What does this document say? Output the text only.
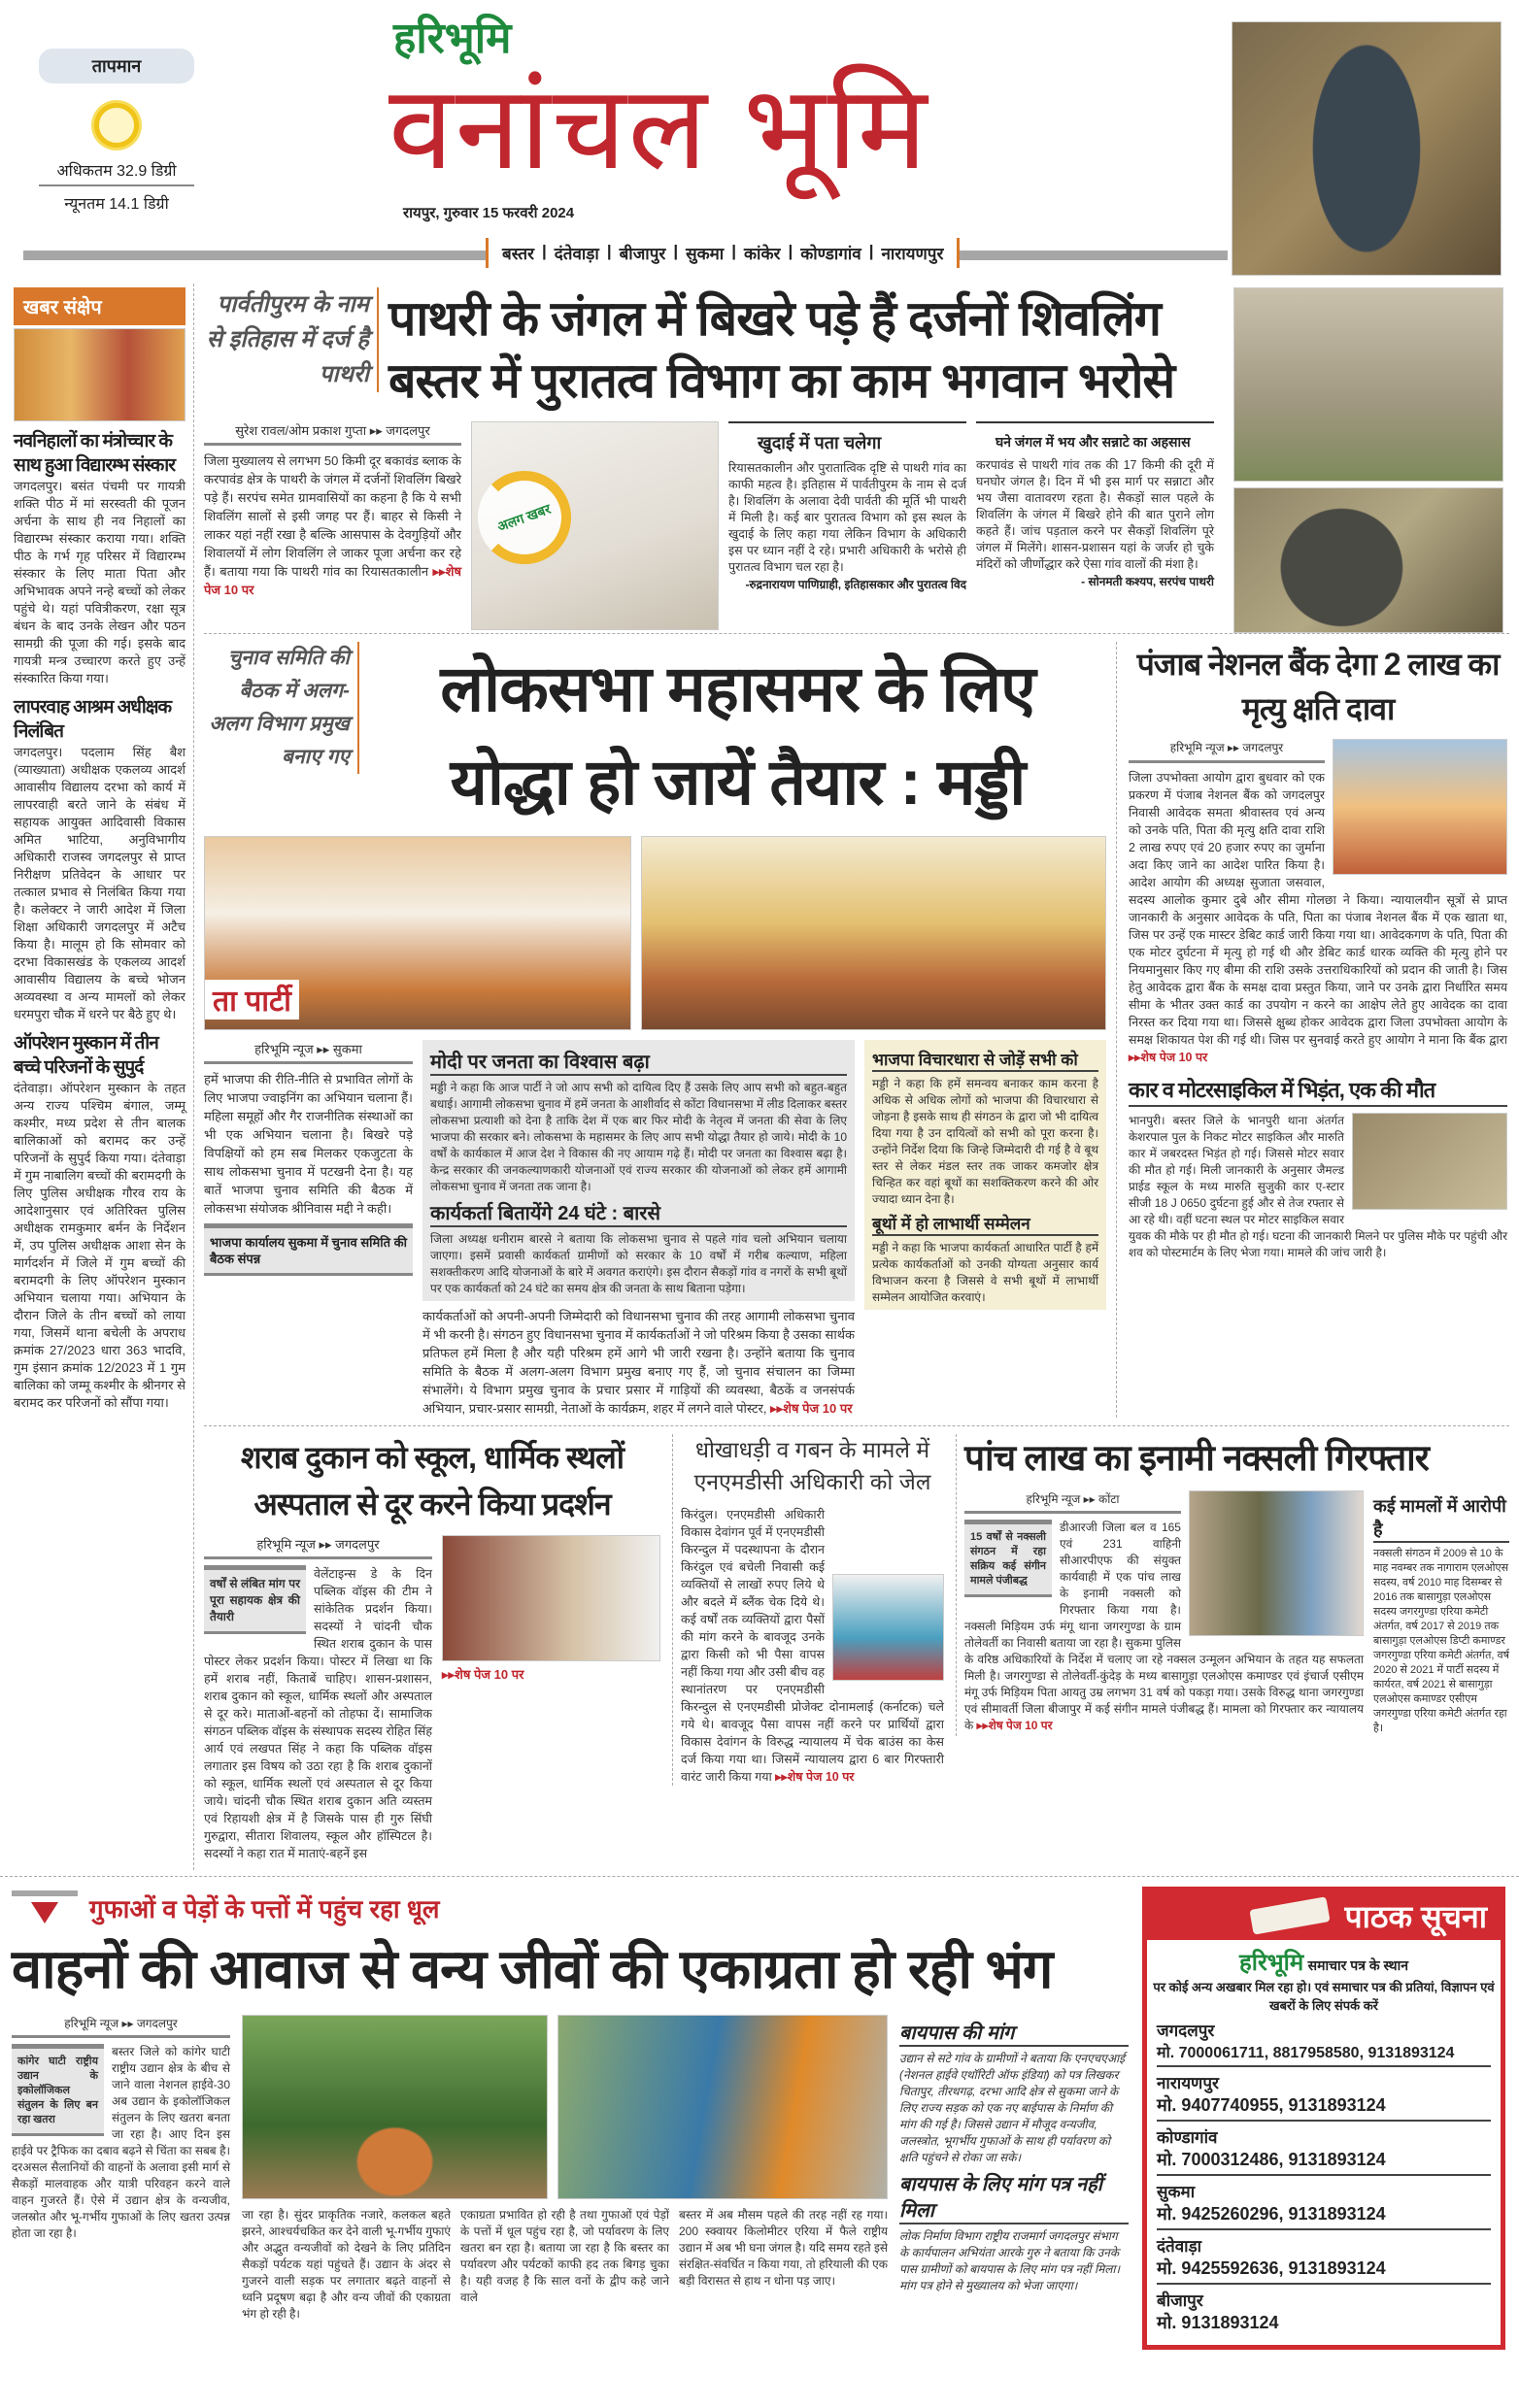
तापमान
अधिकतम 32.9 डिग्री
न्यूनतम 14.1 डिग्री
हरिभूमि
वनांचल भूमि
रायपुर, गुरुवार 15 फरवरी 2024
बस्तर | दंतेवाड़ा | बीजापुर | सुकमा | कांकेर | कोण्डागांव | नारायणपुर
खबर संक्षेप
नवनिहालों का मंत्रोच्चार के साथ हुआ विद्यारम्भ संस्कार
जगदलपुर। बसंत पंचमी पर गायत्री शक्ति पीठ में मां सरस्वती की पूजन अर्चना के साथ ही नव निहालों का विद्यारम्भ संस्कार कराया गया। शक्ति पीठ के गर्भ गृह परिसर में विद्यारम्भ संस्कार के लिए माता पिता और अभिभावक अपने नन्हे बच्चों को लेकर पहुंचे थे। यहां पवित्रीकरण, रक्षा सूत्र बंधन के बाद उनके लेखन और पठन सामग्री की पूजा की गई। इसके बाद गायत्री मन्त्र उच्चारण करते हुए उन्हें संस्कारित किया गया।
लापरवाह आश्रम अधीक्षक निलंबित
जगदलपुर। पदलाम सिंह बैश (व्याख्याता) अधीक्षक एकलव्य आदर्श आवासीय विद्यालय दरभा को कार्य में लापरवाही बरते जाने के संबंध में सहायक आयुक्त आदिवासी विकास अमित भाटिया, अनुविभागीय अधिकारी राजस्व जगदलपुर से प्राप्त निरीक्षण प्रतिवेदन के आधार पर तत्काल प्रभाव से निलंबित किया गया है। कलेक्टर ने जारी आदेश में जिला शिक्षा अधिकारी जगदलपुर में अटैच किया है। मालूम हो कि सोमवार को दरभा विकासखंड के एकलव्य आदर्श आवासीय विद्यालय के बच्चे भोजन अव्यवस्था व अन्य मामलों को लेकर धरमपुरा चौक में धरने पर बैठे हुए थे।
ऑपरेशन मुस्कान में तीन बच्चे परिजनों के सुपुर्द
दंतेवाड़ा। ऑपरेशन मुस्कान के तहत अन्य राज्य पश्चिम बंगाल, जम्मू कश्मीर, मध्य प्रदेश से तीन बालक बालिकाओं को बरामद कर उन्हें परिजनों के सुपुर्द किया गया। दंतेवाड़ा में गुम नाबालिग बच्चों की बरामदगी के लिए पुलिस अधीक्षक गौरव राय के आदेशानुसार एवं अतिरिक्त पुलिस अधीक्षक रामकुमार बर्मन के निर्देशन में, उप पुलिस अधीक्षक आशा सेन के मार्गदर्शन में जिले में गुम बच्चों की बरामदगी के लिए ऑपरेशन मुस्कान अभियान चलाया गया। अभियान के दौरान जिले के तीन बच्चों को लाया गया, जिसमें थाना बचेली के अपराध क्रमांक 27/2023 धारा 363 भादवि, गुम इंसान क्रमांक 12/2023 में 1 गुम बालिका को जम्मू कश्मीर के श्रीनगर से बरामद कर परिजनों को सौंपा गया।
पार्वतीपुरम के नाम से इतिहास में दर्ज है पाथरी
पाथरी के जंगल में बिखरे पड़े हैं दर्जनों शिवलिंग
बस्तर में पुरातत्व विभाग का काम भगवान भरोसे
सुरेश रावल/ओम प्रकाश गुप्ता ▸▸ जगदलपुर
जिला मुख्यालय से लगभग 50 किमी दूर बकावंड ब्लाक के करपावंड क्षेत्र के पाथरी के जंगल में दर्जनों शिवलिंग बिखरे पड़े हैं। सरपंच समेत ग्रामवासियों का कहना है कि ये सभी शिवलिंग सालों से इसी जगह पर हैं। बाहर से किसी ने लाकर यहां नहीं रखा है बल्कि आसपास के देवगुड़ियों और शिवालयों में लोग शिवलिंग ले जाकर पूजा अर्चना कर रहे हैं। बताया गया कि पाथरी गांव का रियासतकालीन ▸▸शेष पेज 10 पर
अलग खबर
खुदाई में पता चलेगा
रियासतकालीन और पुरातात्विक दृष्टि से पाथरी गांव का काफी महत्व है। इतिहास में पार्वतीपुरम के नाम से दर्ज है। शिवलिंग के अलावा देवी पार्वती की मूर्ति भी पाथरी में मिली है। कई बार पुरातत्व विभाग को इस स्थल के खुदाई के लिए कहा गया लेकिन विभाग के अधिकारी इस पर ध्यान नहीं दे रहे। प्रभारी अधिकारी के भरोसे ही पुरातत्व विभाग चल रहा है।
-रुद्रनारायण पाणिग्राही, इतिहासकार और पुरातत्व विद
घने जंगल में भय और सन्नाटे का अहसास
करपावंड से पाथरी गांव तक की 17 किमी की दूरी में घनघोर जंगल है। दिन में भी इस मार्ग पर सन्नाटा और भय जैसा वातावरण रहता है। सैकड़ों साल पहले के शिवलिंग के जंगल में बिखरे होने की बात पुराने लोग कहते हैं। जांच पड़ताल करने पर सैकड़ों शिवलिंग पूरे जंगल में मिलेंगे। शासन-प्रशासन यहां के जर्जर हो चुके मंदिरों को जीर्णोद्धार करे ऐसा गांव वालों की मंशा है।
- सोनमती कश्यप, सरपंच पाथरी
चुनाव समिति की बैठक में अलग-अलग विभाग प्रमुख बनाए गए
लोकसभा महासमर के लिए
योद्धा हो जायें तैयार : मड्डी
ता पार्टी
हरिभूमि न्यूज ▸▸ सुकमा
हमें भाजपा की रीति-नीति से प्रभावित लोगों के लिए भाजपा ज्वाइनिंग का अभियान चलाना हैं। महिला समूहों और गैर राजनीतिक संस्थाओं का भी एक अभियान चलाना है। बिखरे पड़े विपक्षियों को हम सब मिलकर एकजुटता के साथ लोकसभा चुनाव में पटखनी देना है। यह बातें भाजपा चुनाव समिति की बैठक में लोकसभा संयोजक श्रीनिवास मद्दी ने कही।
भाजपा कार्यालय सुकमा में चुनाव समिति की बैठक संपन्न
मोदी पर जनता का विश्वास बढ़ा
मड्डी ने कहा कि आज पार्टी ने जो आप सभी को दायित्व दिए हैं उसके लिए आप सभी को बहुत-बहुत बधाई। आगामी लोकसभा चुनाव में हमें जनता के आशीर्वाद से कोंटा विधानसभा में लीड दिलाकर बस्तर लोकसभा प्रत्याशी को देना है ताकि देश में एक बार फिर मोदी के नेतृत्व में जनता की सेवा के लिए भाजपा की सरकार बने। लोकसभा के महासमर के लिए आप सभी योद्धा तैयार हो जाये। मोदी के 10 वर्षों के कार्यकाल में आज देश ने विकास की नए आयाम गढ़े हैं। मोदी पर जनता का विश्वास बढ़ा है। केन्द्र सरकार की जनकल्याणकारी योजनाओं एवं राज्य सरकार की योजनाओं को लेकर हमें आगामी लोकसभा चुनाव में जनता तक जाना है।
कार्यकर्ता बितायेंगे 24 घंटे : बारसे
जिला अध्यक्ष धनीराम बारसे ने बताया कि लोकसभा चुनाव से पहले गांव चलो अभियान चलाया जाएगा। इसमें प्रवासी कार्यकर्ता ग्रामीणों को सरकार के 10 वर्षों में गरीब कल्याण, महिला सशक्तीकरण आदि योजनाओं के बारे में अवगत कराएंगे। इस दौरान सैकड़ों गांव व नगरों के सभी बूथों पर एक कार्यकर्ता को 24 घंटे का समय क्षेत्र की जनता के साथ बिताना पड़ेगा।
कार्यकर्ताओं को अपनी-अपनी जिम्मेदारी को विधानसभा चुनाव की तरह आगामी लोकसभा चुनाव में भी करनी है। संगठन हुए विधानसभा चुनाव में कार्यकर्ताओं ने जो परिश्रम किया है उसका सार्थक प्रतिफल हमें मिला है और यही परिश्रम हमें आगे भी जारी रखना है। उन्होंने बताया कि चुनाव समिति के बैठक में अलग-अलग विभाग प्रमुख बनाए गए हैं, जो चुनाव संचालन का जिम्मा संभालेंगे। ये विभाग प्रमुख चुनाव के प्रचार प्रसार में गाड़ियों की व्यवस्था, बैठकें व जनसंपर्क अभियान, प्रचार-प्रसार सामग्री, नेताओं के कार्यक्रम, शहर में लगने वाले पोस्टर, ▸▸शेष पेज 10 पर
भाजपा विचारधारा से जोड़ें सभी को
मड्डी ने कहा कि हमें समन्वय बनाकर काम करना है अधिक से अधिक लोगों को भाजपा की विचारधारा से जोड़ना है इसके साथ ही संगठन के द्वारा जो भी दायित्व दिया गया है उन दायित्वों को सभी को पूरा करना है। उन्होंने निर्देश दिया कि जिन्हे जिम्मेदारी दी गई है वे बूथ स्तर से लेकर मंडल स्तर तक जाकर कमजोर क्षेत्र चिन्हित कर वहां बूथों का सशक्तिकरण करने की ओर ज्यादा ध्यान देना है।
बूथों में हो लाभार्थी सम्मेलन
मड्डी ने कहा कि भाजपा कार्यकर्ता आधारित पार्टी है हमें प्रत्येक कार्यकर्ताओं को उनकी योग्यता अनुसार कार्य विभाजन करना है जिससे वे सभी बूथों में लाभार्थी सम्मेलन आयोजित करवाएं।
पंजाब नेशनल बैंक देगा 2 लाख का मृत्यु क्षति दावा
हरिभूमि न्यूज ▸▸ जगदलपुर
जिला उपभोक्ता आयोग द्वारा बुधवार को एक प्रकरण में पंजाब नेशनल बैंक को जगदलपुर निवासी आवेदक समता श्रीवास्तव एवं अन्य को उनके पति, पिता की मृत्यु क्षति दावा राशि 2 लाख रुपए एवं 20 हजार रुपए का जुर्माना अदा किए जाने का आदेश पारित किया है। आदेश आयोग की अध्यक्ष सुजाता जसवाल, सदस्य आलोक कुमार दुबे और सीमा गोलछा ने किया। न्यायालयीन सूत्रों से प्राप्त जानकारी के अनुसार आवेदक के पति, पिता का पंजाब नेशनल बैंक में एक खाता था, जिस पर उन्हें एक मास्टर डेबिट कार्ड जारी किया गया था। आवेदकगण के पति, पिता की एक मोटर दुर्घटना में मृत्यु हो गई थी और डेबिट कार्ड धारक व्यक्ति की मृत्यु होने पर नियमानुसार किए गए बीमा की राशि उसके उत्तराधिकारियों को प्रदान की जाती है। जिस हेतु आवेदक द्वारा बैंक के समक्ष दावा प्रस्तुत किया, जाने पर उनके द्वारा निर्धारित समय सीमा के भीतर उक्त कार्ड का उपयोग न करने का आक्षेप लेते हुए आवेदक का दावा निरस्त कर दिया गया था। जिससे क्षुब्ध होकर आवेदक द्वारा जिला उपभोक्ता आयोग के समक्ष शिकायत पेश की गई थी। जिस पर सुनवाई करते हुए आयोग ने माना कि बैंक द्वारा ▸▸शेष पेज 10 पर
कार व मोटरसाइकिल में भिड़ंत, एक की मौत
भानपुरी। बस्तर जिले के भानपुरी थाना अंतर्गत केशरपाल पुल के निकट मोटर साइकिल और मारुति कार में जबरदस्त भिड़ंत हो गई। जिससे मोटर सवार की मौत हो गई। मिली जानकारी के अनुसार जैमल्ड प्राईड स्कूल के मध्य मारुति सुजुकी कार ए-स्टार सीजी 18 J 0650 दुर्घटना हुई और से तेज रफ्तार से आ रहे थी। वहीं घटना स्थल पर मोटर साइकिल सवार युवक की मौके पर ही मौत हो गई। घटना की जानकारी मिलने पर पुलिस मौके पर पहुंची और शव को पोस्टमार्टम के लिए भेजा गया। मामले की जांच जारी है।
शराब दुकान को स्कूल, धार्मिक स्थलों अस्पताल से दूर करने किया प्रदर्शन
हरिभूमि न्यूज ▸▸ जगदलपुर
वर्षों से लंबित मांग पर पूरा सहायक क्षेत्र की तैयारी
वेलेंटाइन्स डे के दिन पब्लिक वॉइस की टीम ने सांकेतिक प्रदर्शन किया। सदस्यों ने चांदनी चौक स्थित शराब दुकान के पास पोस्टर लेकर प्रदर्शन किया। पोस्टर में लिखा था कि हमें शराब नहीं, किताबें चाहिए। शासन-प्रशासन, शराब दुकान को स्कूल, धार्मिक स्थलों और अस्पताल से दूर करे। माताओं-बहनों को तोहफा दें। सामाजिक संगठन पब्लिक वॉइस के संस्थापक सदस्य रोहित सिंह आर्य एवं लखपत सिंह ने कहा कि पब्लिक वॉइस लगातार इस विषय को उठा रहा है कि शराब दुकानों को स्कूल, धार्मिक स्थलों एवं अस्पताल से दूर किया जाये। चांदनी चौक स्थित शराब दुकान अति व्यस्तम एवं रिहायशी क्षेत्र में है जिसके पास ही गुरु सिंघी गुरुद्वारा, सीतारा शिवालय, स्कूल और हॉस्पिटल है। सदस्यों ने कहा रात में माताएं-बहनें इस
▸▸शेष पेज 10 पर
धोखाधड़ी व गबन के मामले में एनएमडीसी अधिकारी को जेल
किरंदुल। एनएमडीसी अधिकारी विकास देवांगन पूर्व में एनएमडीसी किरन्दुल में पदस्थापना के दौरान किरंदुल एवं बचेली निवासी कई व्यक्तियों से लाखों रुपए लिये थे और बदले में ब्लैंक चेक दिये थे। कई वर्षों तक व्यक्तियों द्वारा पैसों की मांग करने के बावजूद उनके द्वारा किसी को भी पैसा वापस नहीं किया गया और उसी बीच वह स्थानांतरण पर एनएमडीसी किरन्दुल से एनएमडीसी प्रोजेक्ट दोनामलाई (कर्नाटक) चले गये थे। बावजूद पैसा वापस नहीं करने पर प्रार्थियों द्वारा विकास देवांगन के विरुद्ध न्यायालय में चेक बाउंस का केस दर्ज किया गया था। जिसमें न्यायालय द्वारा 6 बार गिरफ्तारी वारंट जारी किया गया ▸▸शेष पेज 10 पर
पांच लाख का इनामी नक्सली गिरफ्तार
हरिभूमि न्यूज ▸▸ कोंटा
15 वर्षों से नक्सली संगठन में रहा सक्रिय कई संगीन मामले पंजीबद्ध
डीआरजी जिला बल व 165 एवं 231 वाहिनी सीआरपीएफ की संयुक्त कार्यवाही में एक पांच लाख के इनामी नक्सली को गिरफ्तार किया गया है। नक्सली मिड़ियम उर्फ मंगू थाना जगरगुण्डा के ग्राम तोलेवर्ती का निवासी बताया जा रहा है। सुकमा पुलिस के वरिष्ठ अधिकारियों के निर्देश में चलाए जा रहे नक्सल उन्मूलन अभियान के तहत यह सफलता मिली है। जगरगुण्डा से तोलेवर्ती-कुंदेड़ के मध्य बासागुड़ा एलओएस कमाण्डर एवं इंचार्ज एसीएम मंगू उर्फ मिड़ियम पिता आयतु उम्र लगभग 31 वर्ष को पकड़ा गया। उसके विरुद्ध थाना जगरगुण्डा एवं सीमावर्ती जिला बीजापुर में कई संगीन मामले पंजीबद्ध हैं। मामला को गिरफ्तार कर न्यायालय के ▸▸शेष पेज 10 पर
कई मामलों में आरोपी है
नक्सली संगठन में 2009 से 10 के माह नवम्बर तक नागाराम एलओएस सदस्य, वर्ष 2010 माह दिसम्बर से 2016 तक बासागुड़ा एलओएस सदस्य जगरगुण्डा एरिया कमेटी अंतर्गत, वर्ष 2017 से 2019 तक बासागुड़ा एलओएस डिप्टी कमाण्डर जगरगुण्डा एरिया कमेटी अंतर्गत, वर्ष 2020 से 2021 में पार्टी सदस्य में कार्यरत, वर्ष 2021 से बासागुड़ा एलओएस कमाण्डर एसीएम जगरगुण्डा एरिया कमेटी अंतर्गत रहा है।
गुफाओं व पेड़ों के पत्तों में पहुंच रहा धूल
वाहनों की आवाज से वन्य जीवों की एकाग्रता हो रही भंग
हरिभूमि न्यूज ▸▸ जगदलपुर
कांगेर घाटी राष्ट्रीय उद्यान के इकोलॉजिकल संतुलन के लिए बन रहा खतरा
बस्तर जिले को कांगेर घाटी राष्ट्रीय उद्यान क्षेत्र के बीच से जाने वाला नेशनल हाईवे-30 अब उद्यान के इकोलॉजिकल संतुलन के लिए खतरा बनता जा रहा है। आए दिन इस हाईवे पर ट्रैफिक का दबाव बढ़ने से चिंता का सबब है। दरअसल सैलानियों की वाहनों के अलावा इसी मार्ग से सैकड़ों मालवाहक और यात्री परिवहन करने वाले वाहन गुजरते हैं। ऐसे में उद्यान क्षेत्र के वन्यजीव, जलस्रोत और भू-गर्भीय गुफाओं के लिए खतरा उत्पन्न होता जा रहा है।
जा रहा है। सुंदर प्राकृतिक नजारे, कलकल बहते झरने, आश्चर्यचकित कर देने वाली भू-गर्भीय गुफाएं और अद्भुत वन्यजीवों को देखने के लिए प्रतिदिन सैकड़ों पर्यटक यहां पहुंचते हैं। उद्यान के अंदर से गुजरने वाली सड़क पर लगातार बढ़ते वाहनों से ध्वनि प्रदूषण बढ़ा है और वन्य जीवों की एकाग्रता भंग हो रही है।
एकाग्रता प्रभावित हो रही है तथा गुफाओं एवं पेड़ों के पत्तों में धूल पहुंच रहा है, जो पर्यावरण के लिए खतरा बन रहा है। बताया जा रहा है कि बस्तर का पर्यावरण और पर्यटकों काफी हद तक बिगड़ चुका है। यही वजह है कि साल वनों के द्वीप कहे जाने वाले
बस्तर में अब मौसम पहले की तरह नहीं रह गया। 200 स्क्वायर किलोमीटर एरिया में फैले राष्ट्रीय उद्यान में अब भी घना जंगल है। यदि समय रहते इसे संरक्षित-संवर्धित न किया गया, तो हरियाली की एक बड़ी विरासत से हाथ न धोना पड़ जाए।
बायपास की मांग
उद्यान से सटे गांव के ग्रामीणों ने बताया कि एनएचएआई (नेशनल हाईवे एथॉरिटी ऑफ इंडिया) को पत्र लिखकर चितापुर, तीरथगढ़, दरभा आदि क्षेत्र से सुकमा जाने के लिए राज्य सड़क को एक नए बाईपास के निर्माण की मांग की गई है। जिससे उद्यान में मौजूद वन्यजीव, जलस्त्रोत, भूगर्भीय गुफाओं के साथ ही पर्यावरण को क्षति पहुंचने से रोका जा सके।
बायपास के लिए मांग पत्र नहीं मिला
लोक निर्माण विभाग राष्ट्रीय राजमार्ग जगदलपुर संभाग के कार्यपालन अभियंता आरके गुरु ने बताया कि उनके पास ग्रामीणों को बायपास के लिए मांग पत्र नहीं मिला। मांग पत्र होने से मुख्यालय को भेजा जाएगा।
पाठक सूचना
हरिभूमि समाचार पत्र के स्थान
पर कोई अन्य अखबार मिल रहा हो। एवं समाचार पत्र की प्रतियां, विज्ञापन एवं खबरों के लिए संपर्क करें
जगदलपुर
मो. 7000061711, 8817958580, 9131893124
नारायणपुर
मो. 9407740955, 9131893124
कोण्डागांव
मो. 7000312486, 9131893124
सुकमा
मो. 9425260296, 9131893124
दंतेवाड़ा
मो. 9425592636, 9131893124
बीजापुर
मो. 9131893124
